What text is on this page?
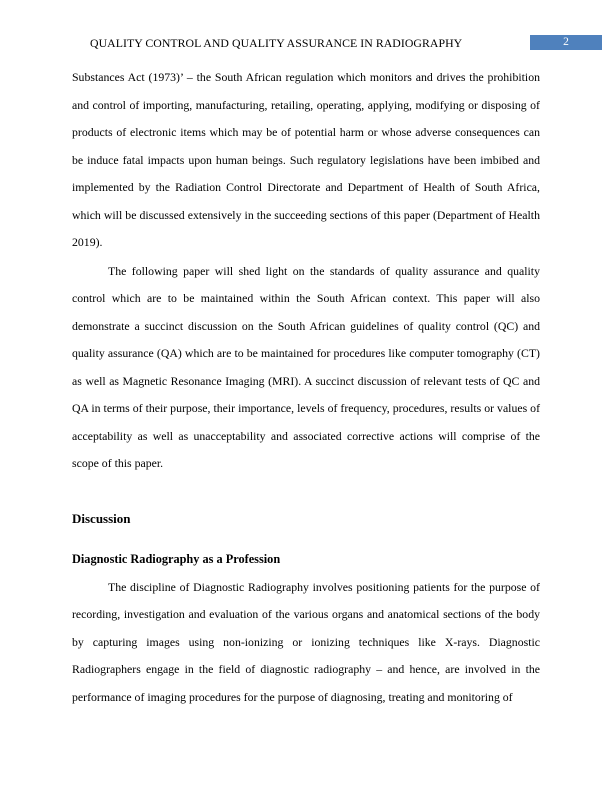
QUALITY CONTROL AND QUALITY ASSURANCE IN RADIOGRAPHY	2

Substances Act (1973)’ – the South African regulation which monitors and drives the prohibition and control of importing, manufacturing, retailing, operating, applying, modifying or disposing of products of electronic items which may be of potential harm or whose adverse consequences can be induce fatal impacts upon human beings. Such regulatory legislations have been imbibed and implemented by the Radiation Control Directorate and Department of Health of South Africa, which will be discussed extensively in the succeeding sections of this paper (Department of Health 2019).

The following paper will shed light on the standards of quality assurance and quality control which are to be maintained within the South African context. This paper will also demonstrate a succinct discussion on the South African guidelines of quality control (QC) and quality assurance (QA) which are to be maintained for procedures like computer tomography (CT) as well as Magnetic Resonance Imaging (MRI). A succinct discussion of relevant tests of QC and QA in terms of their purpose, their importance, levels of frequency, procedures, results or values of acceptability as well as unacceptability and associated corrective actions will comprise of the scope of this paper.

Discussion
Diagnostic Radiography as a Profession

The discipline of Diagnostic Radiography involves positioning patients for the purpose of recording, investigation and evaluation of the various organs and anatomical sections of the body by capturing images using non-ionizing or ionizing techniques like X-rays. Diagnostic Radiographers engage in the field of diagnostic radiography – and hence, are involved in the performance of imaging procedures for the purpose of diagnosing, treating and monitoring of
